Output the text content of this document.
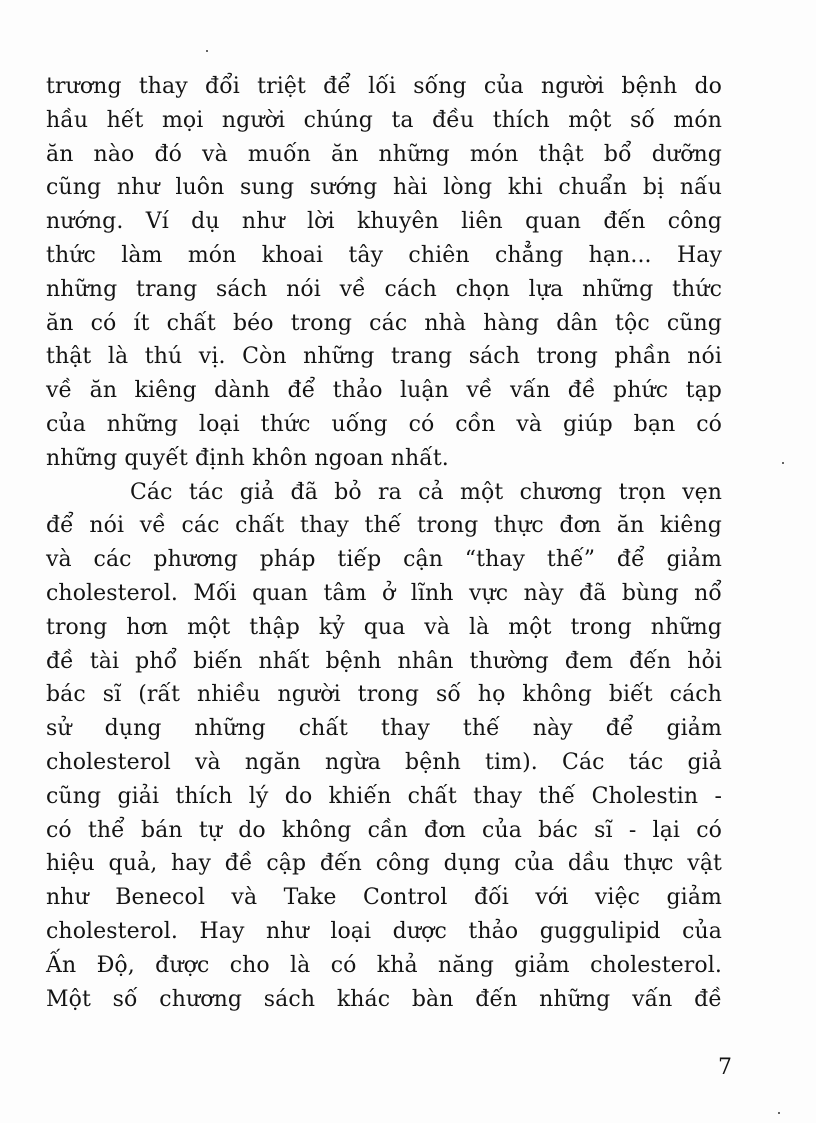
trương thay đổi triệt để lối sống của người bệnh do
hầu hết mọi người chúng ta đều thích một số món
ăn nào đó và muốn ăn những món thật bổ dưỡng
cũng như luôn sung sướng hài lòng khi chuẩn bị nấu
nướng. Ví dụ như lời khuyên liên quan đến công
thức làm món khoai tây chiên chẳng hạn... Hay
những trang sách nói về cách chọn lựa những thức
ăn có ít chất béo trong các nhà hàng dân tộc cũng
thật là thú vị. Còn những trang sách trong phần nói
về ăn kiêng dành để thảo luận về vấn đề phức tạp
của những loại thức uống có cồn và giúp bạn có
những quyết định khôn ngoan nhất.
Các tác giả đã bỏ ra cả một chương trọn vẹn
để nói về các chất thay thế trong thực đơn ăn kiêng
và các phương pháp tiếp cận “thay thế” để giảm
cholesterol. Mối quan tâm ở lĩnh vực này đã bùng nổ
trong hơn một thập kỷ qua và là một trong những
đề tài phổ biến nhất bệnh nhân thường đem đến hỏi
bác sĩ (rất nhiều người trong số họ không biết cách
sử dụng những chất thay thế này để giảm
cholesterol và ngăn ngừa bệnh tim). Các tác giả
cũng giải thích lý do khiến chất thay thế Cholestin -
có thể bán tự do không cần đơn của bác sĩ - lại có
hiệu quả, hay đề cập đến công dụng của dầu thực vật
như Benecol và Take Control đối với việc giảm
cholesterol. Hay như loại dược thảo guggulipid của
Ấn Độ, được cho là có khả năng giảm cholesterol.
Một số chương sách khác bàn đến những vấn đề
7
